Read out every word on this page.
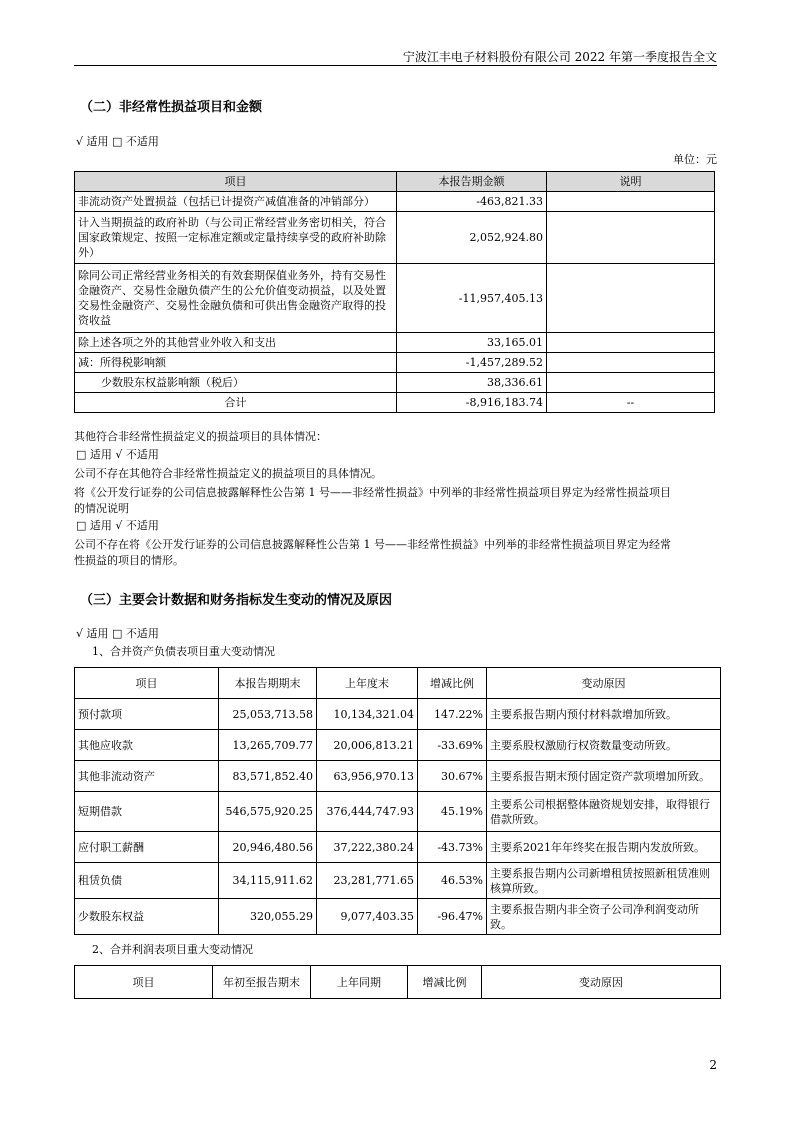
宁波江丰电子材料股份有限公司 2022 年第一季度报告全文
（二）非经常性损益项目和金额
√ 适用 □ 不适用
单位：元
项目	本报告期金额	说明
非流动资产处置损益（包括已计提资产减值准备的冲销部分）	-463,821.33	
计入当期损益的政府补助（与公司正常经营业务密切相关，符合国家政策规定、按照一定标准定额或定量持续享受的政府补助除外）	2,052,924.80	
除同公司正常经营业务相关的有效套期保值业务外，持有交易性金融资产、交易性金融负债产生的公允价值变动损益，以及处置交易性金融资产、交易性金融负债和可供出售金融资产取得的投资收益	-11,957,405.13	
除上述各项之外的其他营业外收入和支出	33,165.01	
减：所得税影响额	-1,457,289.52	
少数股东权益影响额（税后）	38,336.61	
合计	-8,916,183.74	--
其他符合非经常性损益定义的损益项目的具体情况：
□ 适用 √ 不适用
公司不存在其他符合非经常性损益定义的损益项目的具体情况。
将《公开发行证券的公司信息披露解释性公告第 1 号——非经常性损益》中列举的非经常性损益项目界定为经常性损益项目
的情况说明
□ 适用 √ 不适用
公司不存在将《公开发行证券的公司信息披露解释性公告第 1 号——非经常性损益》中列举的非经常性损益项目界定为经常
性损益的项目的情形。
（三）主要会计数据和财务指标发生变动的情况及原因
√ 适用 □ 不适用
1、合并资产负债表项目重大变动情况
项目	本报告期期末	上年度末	增减比例	变动原因
预付款项	25,053,713.58	10,134,321.04	147.22%	主要系报告期内预付材料款增加所致。
其他应收款	13,265,709.77	20,006,813.21	-33.69%	主要系股权激励行权资数量变动所致。
其他非流动资产	83,571,852.40	63,956,970.13	30.67%	主要系报告期末预付固定资产款项增加所致。
短期借款	546,575,920.25	376,444,747.93	45.19%	主要系公司根据整体融资规划安排，取得银行借款所致。
应付职工薪酬	20,946,480.56	37,222,380.24	-43.73%	主要系2021年年终奖在报告期内发放所致。
租赁负债	34,115,911.62	23,281,771.65	46.53%	主要系报告期内公司新增租赁按照新租赁准则核算所致。
少数股东权益	320,055.29	9,077,403.35	-96.47%	主要系报告期内非全资子公司净利润变动所致。
2、合并利润表项目重大变动情况
项目	年初至报告期末	上年同期	增减比例	变动原因
2
